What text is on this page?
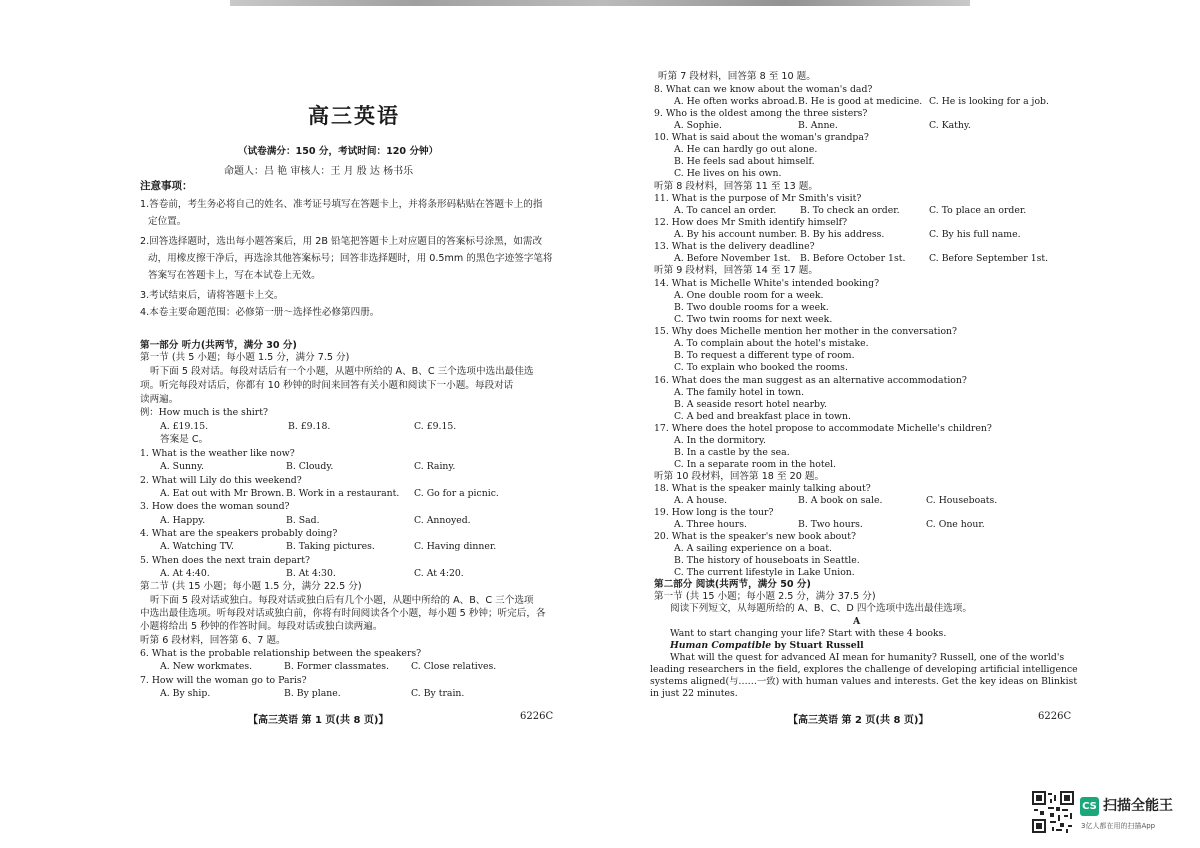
高三英语
（试卷满分：150 分，考试时间：120 分钟）
命题人：吕 艳 审核人：王 月 殷 达 杨书乐
注意事项：
1.答卷前，考生务必将自己的姓名、准考证号填写在答题卡上，并将条形码粘贴在答题卡上的指
定位置。
2.回答选择题时，选出每小题答案后，用 2B 铅笔把答题卡上对应题目的答案标号涂黑，如需改
动，用橡皮擦干净后，再选涂其他答案标号；回答非选择题时，用 0.5mm 的黑色字迹签字笔将
答案写在答题卡上，写在本试卷上无效。
3.考试结束后，请将答题卡上交。
4.本卷主要命题范围：必修第一册～选择性必修第四册。
第一部分 听力(共两节，满分 30 分)
第一节 (共 5 小题；每小题 1.5 分，满分 7.5 分)
听下面 5 段对话。每段对话后有一个小题，从题中所给的 A、B、C 三个选项中选出最佳选
项。听完每段对话后，你都有 10 秒钟的时间来回答有关小题和阅读下一小题。每段对话
读两遍。
例：How much is the shirt?
A. £19.15.	B. £9.18.	C. £9.15.
答案是 C。
1. What is the weather like now?
A. Sunny.	B. Cloudy.	C. Rainy.
2. What will Lily do this weekend?
A. Eat out with Mr Brown. B. Work in a restaurant. C. Go for a picnic.
3. How does the woman sound?
A. Happy.	B. Sad.	C. Annoyed.
4. What are the speakers probably doing?
A. Watching TV.	B. Taking pictures.	C. Having dinner.
5. When does the next train depart?
A. At 4:40.	B. At 4:30.	C. At 4:20.
第二节 (共 15 小题；每小题 1.5 分，满分 22.5 分)
听下面 5 段对话或独白。每段对话或独白后有几个小题，从题中所给的 A、B、C 三个选项
中选出最佳选项。听每段对话或独白前，你将有时间阅读各个小题，每小题 5 秒钟；听完后，各
小题将给出 5 秒钟的作答时间。每段对话或独白读两遍。
听第 6 段材料，回答第 6、7 题。
6. What is the probable relationship between the speakers?
A. New workmates.	B. Former classmates. C. Close relatives.
7. How will the woman go to Paris?
A. By ship.	B. By plane.	C. By train.
【高三英语 第 1 页(共 8 页)】	6226C
听第 7 段材料，回答第 8 至 10 题。
8. What can we know about the woman's dad?
A. He often works abroad. B. He is good at medicine. C. He is looking for a job.
9. Who is the oldest among the three sisters?
A. Sophie.	B. Anne.	C. Kathy.
10. What is said about the woman's grandpa?
A. He can hardly go out alone.
B. He feels sad about himself.
C. He lives on his own.
听第 8 段材料，回答第 11 至 13 题。
11. What is the purpose of Mr Smith's visit?
A. To cancel an order.	B. To check an order.	C. To place an order.
12. How does Mr Smith identify himself?
A. By his account number. B. By his address.	C. By his full name.
13. What is the delivery deadline?
A. Before November 1st. B. Before October 1st.	C. Before September 1st.
听第 9 段材料，回答第 14 至 17 题。
14. What is Michelle White's intended booking?
A. One double room for a week.
B. Two double rooms for a week.
C. Two twin rooms for next week.
15. Why does Michelle mention her mother in the conversation?
A. To complain about the hotel's mistake.
B. To request a different type of room.
C. To explain who booked the rooms.
16. What does the man suggest as an alternative accommodation?
A. The family hotel in town.
B. A seaside resort hotel nearby.
C. A bed and breakfast place in town.
17. Where does the hotel propose to accommodate Michelle's children?
A. In the dormitory.
B. In a castle by the sea.
C. In a separate room in the hotel.
听第 10 段材料，回答第 18 至 20 题。
18. What is the speaker mainly talking about?
A. A house.	B. A book on sale.	C. Houseboats.
19. How long is the tour?
A. Three hours.	B. Two hours.	C. One hour.
20. What is the speaker's new book about?
A. A sailing experience on a boat.
B. The history of houseboats in Seattle.
C. The current lifestyle in Lake Union.
第二部分 阅读(共两节，满分 50 分)
第一节 (共 15 小题；每小题 2.5 分，满分 37.5 分)
阅读下列短文，从每题所给的 A、B、C、D 四个选项中选出最佳选项。
A
Want to start changing your life? Start with these 4 books.
Human Compatible by Stuart Russell
What will the quest for advanced AI mean for humanity? Russell, one of the world's
leading researchers in the field, explores the challenge of developing artificial intelligence
systems aligned(与……一致) with human values and interests. Get the key ideas on Blinkist
in just 22 minutes.
【高三英语 第 2 页(共 8 页)】	6226C
CS 扫描全能王
3亿人都在用的扫描App
